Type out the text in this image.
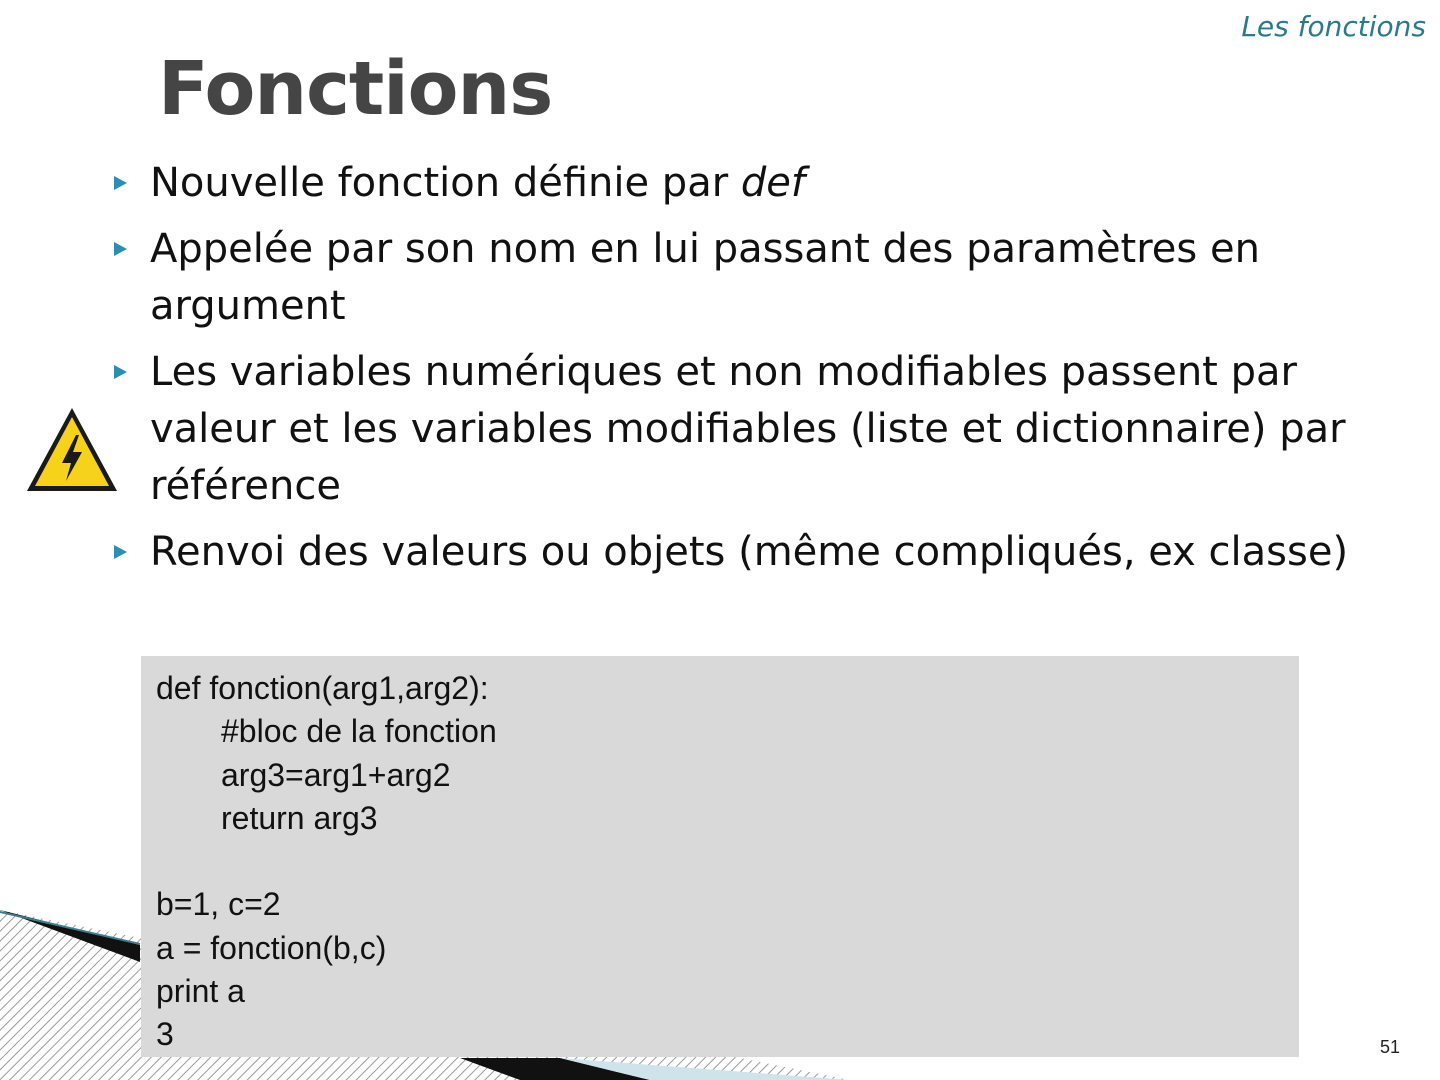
Les fonctions
Fonctions
Nouvelle fonction définie par def
Appelée par son nom en lui passant des paramètres en argument
Les variables numériques et non modifiables passent par valeur et les variables modifiables (liste et dictionnaire) par référence
Renvoi des valeurs ou objets (même compliqués, ex classe)
def fonction(arg1,arg2):
#bloc de la fonction
arg3=arg1+arg2
return arg3
b=1, c=2
a = fonction(b,c)
print a
3	51
